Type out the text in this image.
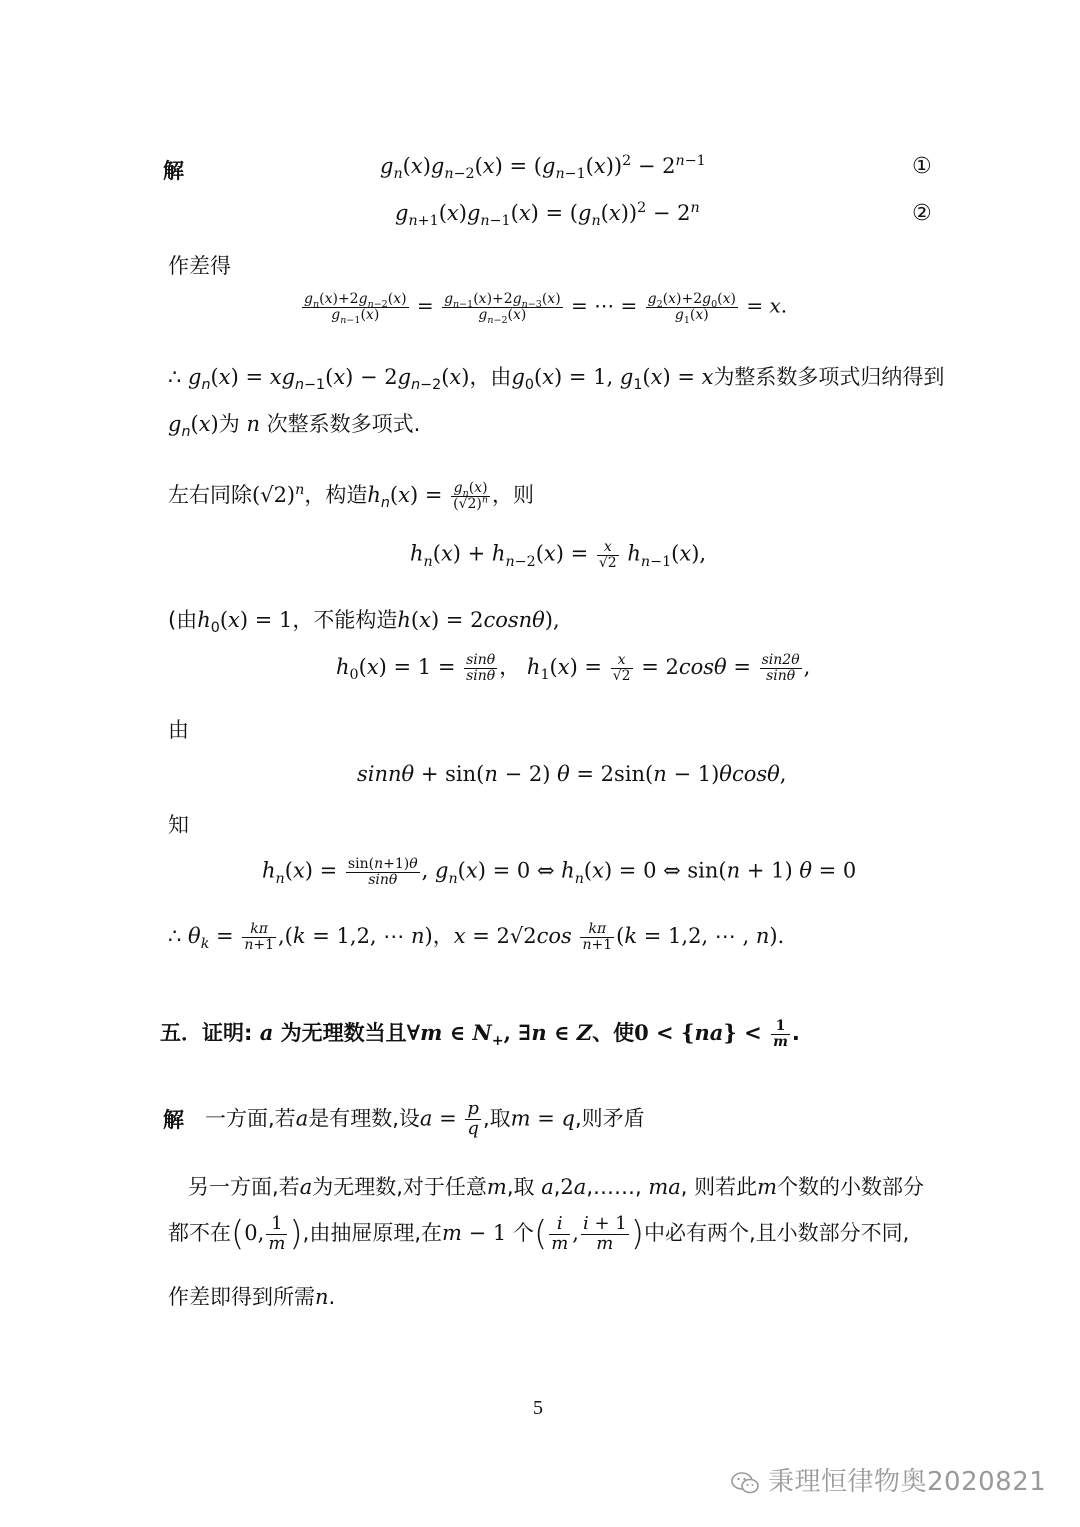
解	$g_n(x)g_{n-2}(x) = (g_{n-1}(x))^2 - 2^{n-1}$	①
$g_{n+1}(x)g_{n-1}(x) = (g_n(x))^2 - 2^n$	②
作差得
$\frac{g_n(x)+2g_{n-2}(x)}{g_{n-1}(x)} = \frac{g_{n-1}(x)+2g_{n-3}(x)}{g_{n-2}(x)}$ = ⋯ = $\frac{g_2(x)+2g_0(x)}{g_1(x)} = x$.
∴ $g_n(x) = xg_{n-1}(x) - 2g_{n-2}(x)$，由$g_0(x) = 1$, $g_1(x) = x$为整系数多项式归纳得到
$g_n(x)$为 n 次整系数多项式.
左右同除$(√2)^n$，构造$h_n(x) = \frac{g_n(x)}{(√2)^n}$ ，则
$h_n(x) + h_{n-2}(x) = \frac{x}{√2} h_{n-1}(x)$,
(由$h_0(x) = 1$，不能构造h(x) = 2cosnθ),
$h_0(x) = 1 = \frac{\sin\theta}{\sin\theta}$ ， $h_1(x) = \frac{x}{√2} = 2\cos\theta = \frac{\sin 2\theta}{\sin\theta}$ ,
由
sinnθ + sin(n − 2) θ = 2sin(n − 1)θcosθ,
知
$h_n(x) = \frac{\sin(n+1)\theta}{\sin\theta}$ , $g_n(x) = 0$ ⇔ $h_n(x) = 0$ ⇔ sin(n + 1) θ = 0
∴ $\theta_k = \frac{k\pi}{n+1} ,(k = 1,2$, ⋯ n)，$x = 2√2\cos \frac{k\pi}{n+1} (k = 1,2$, ⋯ , n).
五．证明: a 为无理数当且∀m ∈ $N_+$, ∃n ∈ Z、使$0 < \{na\} < \frac{1}{m}$ .
解 一方面,若a是有理数,设$a = \frac{p}{q}$ ,取m = q,则矛盾
另一方面,若a为无理数,对于任意m,取 a,2a,……, ma, 则若此m个数的小数部分
都不在(0, $\frac{1}{m}$ ),由抽屉原理,在m − 1 个( $\frac{i}{m}$ , $\frac{i + 1}{m}$ )中必有两个,且小数部分不同,
作差即得到所需n.
5
秉理恒律物奥2020821
